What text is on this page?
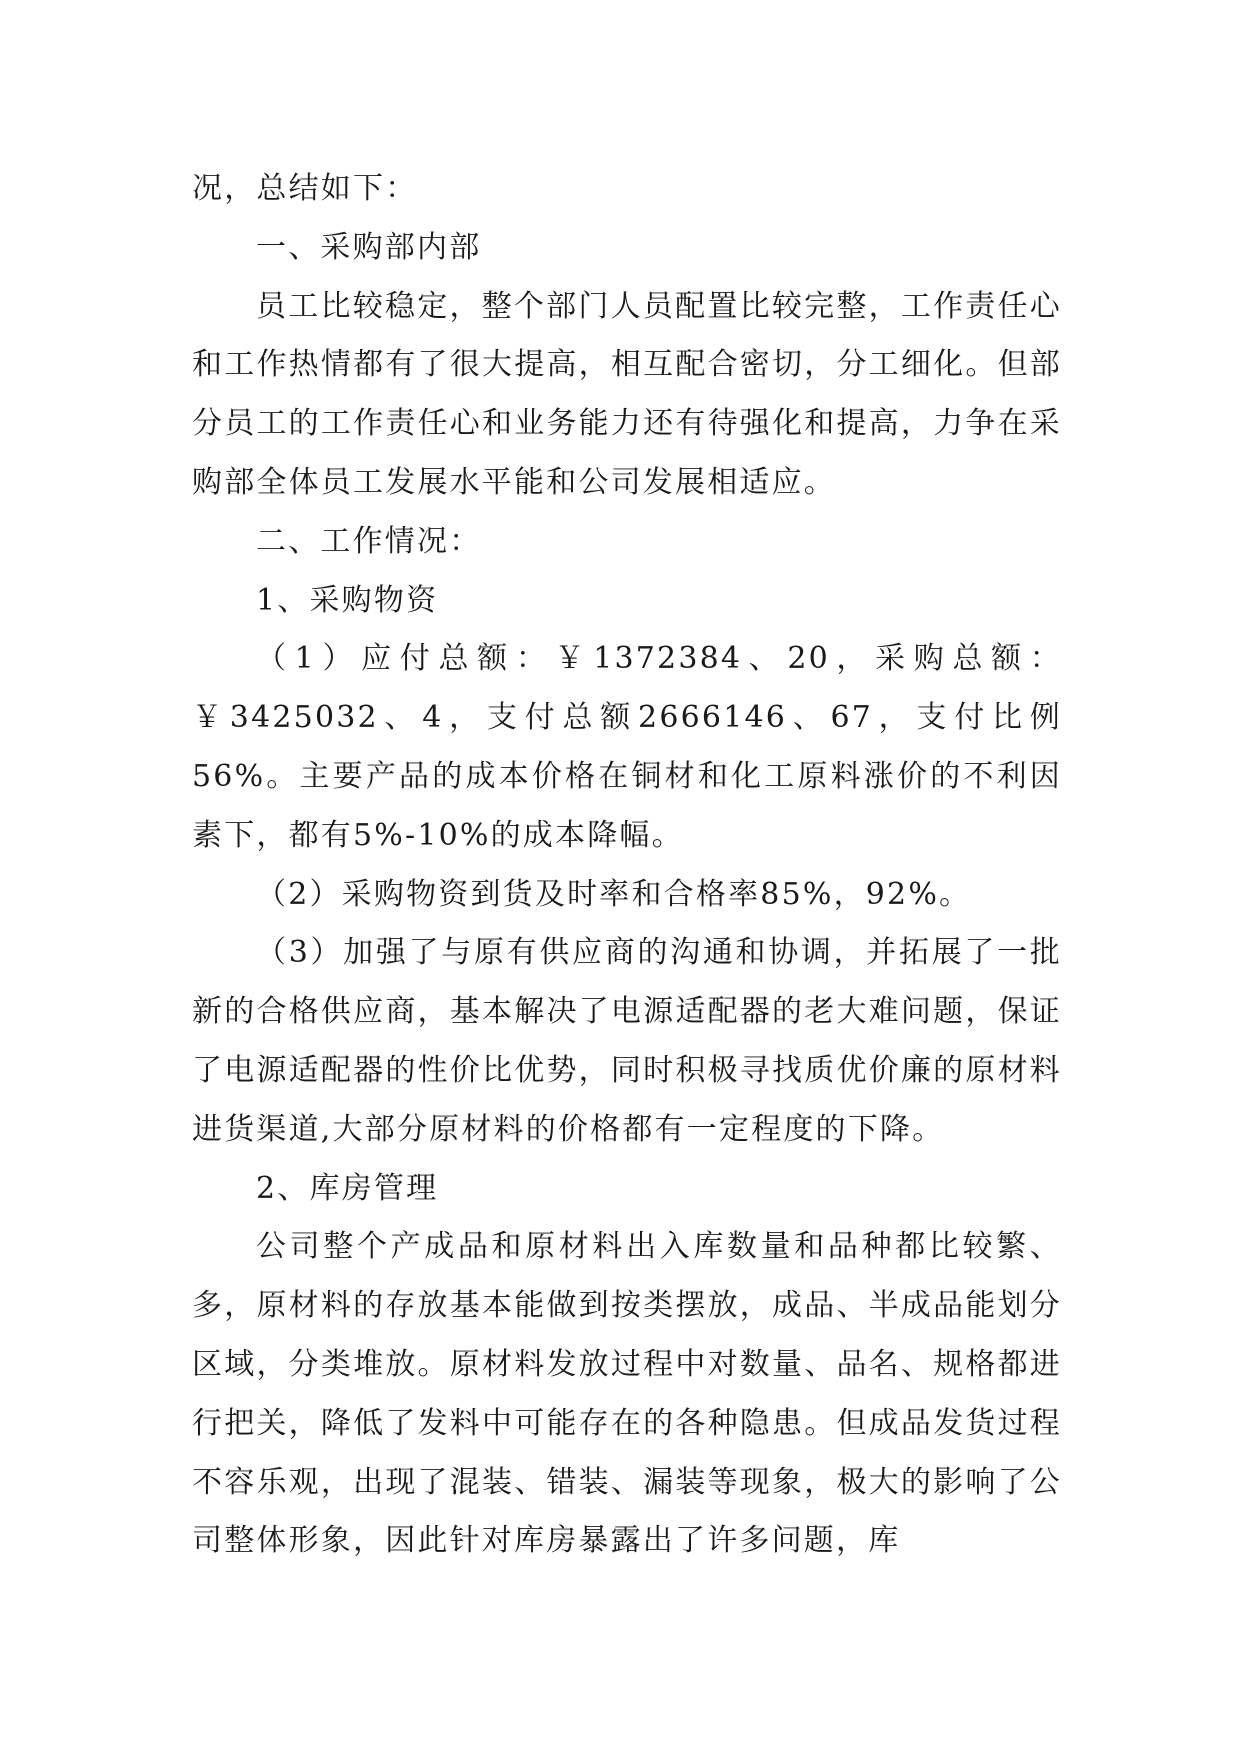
况，总结如下：

一、采购部内部

员工比较稳定，整个部门人员配置比较完整，工作责任心和工作热情都有了很大提高，相互配合密切，分工细化。但部分员工的工作责任心和业务能力还有待强化和提高，力争在采购部全体员工发展水平能和公司发展相适应。

二、工作情况：

1、采购物资

（1）应付总额：￥1372384、20，采购总额：￥3425032、4，支付总额2666146、67，支付比例56%。主要产品的成本价格在铜材和化工原料涨价的不利因素下，都有5%-10%的成本降幅。

（2）采购物资到货及时率和合格率85%，92%。

（3）加强了与原有供应商的沟通和协调，并拓展了一批新的合格供应商，基本解决了电源适配器的老大难问题，保证了电源适配器的性价比优势，同时积极寻找质优价廉的原材料进货渠道,大部分原材料的价格都有一定程度的下降。

2、库房管理

公司整个产成品和原材料出入库数量和品种都比较繁、多，原材料的存放基本能做到按类摆放，成品、半成品能划分区域，分类堆放。原材料发放过程中对数量、品名、规格都进行把关，降低了发料中可能存在的各种隐患。但成品发货过程不容乐观，出现了混装、错装、漏装等现象，极大的影响了公司整体形象，因此针对库房暴露出了许多问题，库
